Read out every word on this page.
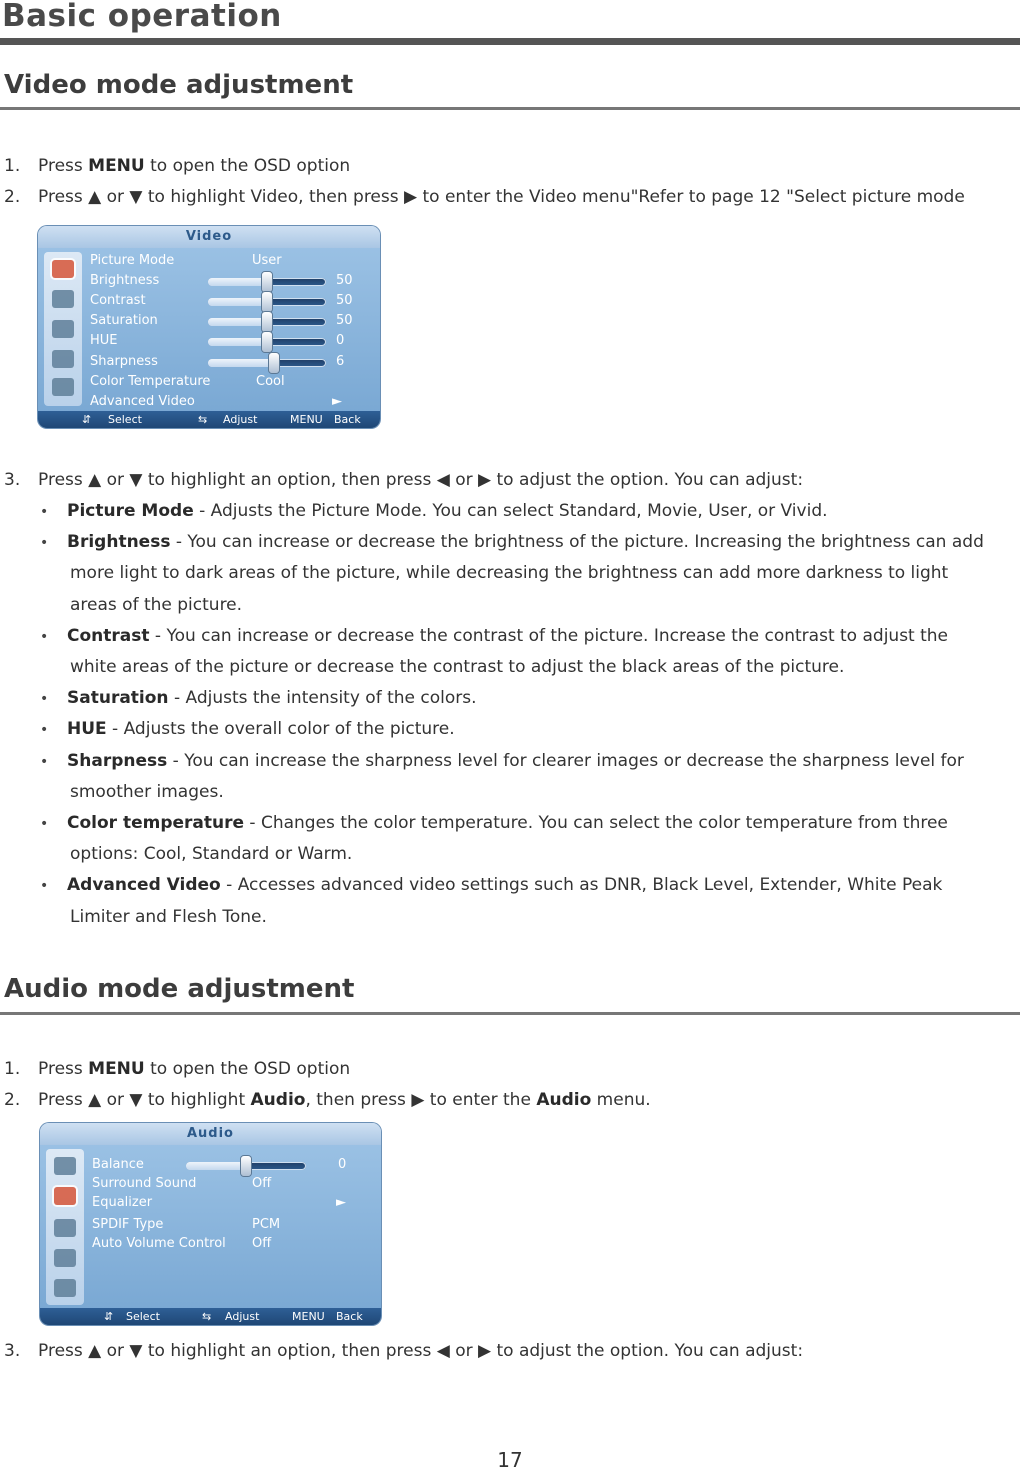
Basic operation
Video mode adjustment
1. Press MENU to open the OSD option
2. Press ▲ or ▼ to highlight Video, then press ▶ to enter the Video menu"Refer to page 12 "Select picture mode
Video
Picture Mode	User
Brightness	50
Contrast	50
Saturation	50
HUE	0
Sharpness	6
Color Temperature	Cool
Advanced Video	►
⇵ Select	⇆ Adjust	MENU Back
3. Press ▲ or ▼ to highlight an option, then press ◀ or ▶ to adjust the option. You can adjust:
• Picture Mode - Adjusts the Picture Mode. You can select Standard, Movie, User, or Vivid.
• Brightness - You can increase or decrease the brightness of the picture. Increasing the brightness can add
more light to dark areas of the picture, while decreasing the brightness can add more darkness to light
areas of the picture.
• Contrast - You can increase or decrease the contrast of the picture. Increase the contrast to adjust the
white areas of the picture or decrease the contrast to adjust the black areas of the picture.
• Saturation - Adjusts the intensity of the colors.
• HUE - Adjusts the overall color of the picture.
• Sharpness - You can increase the sharpness level for clearer images or decrease the sharpness level for
smoother images.
• Color temperature - Changes the color temperature. You can select the color temperature from three
options: Cool, Standard or Warm.
• Advanced Video - Accesses advanced video settings such as DNR, Black Level, Extender, White Peak
Limiter and Flesh Tone.
Audio mode adjustment
1. Press MENU to open the OSD option
2. Press ▲ or ▼ to highlight Audio, then press ▶ to enter the Audio menu.
Audio
Balance	0
Surround Sound	Off
Equalizer	►
SPDIF Type	PCM
Auto Volume Control Off
⇵ Select	⇆ Adjust	MENU Back
3. Press ▲ or ▼ to highlight an option, then press ◀ or ▶ to adjust the option. You can adjust:
17
